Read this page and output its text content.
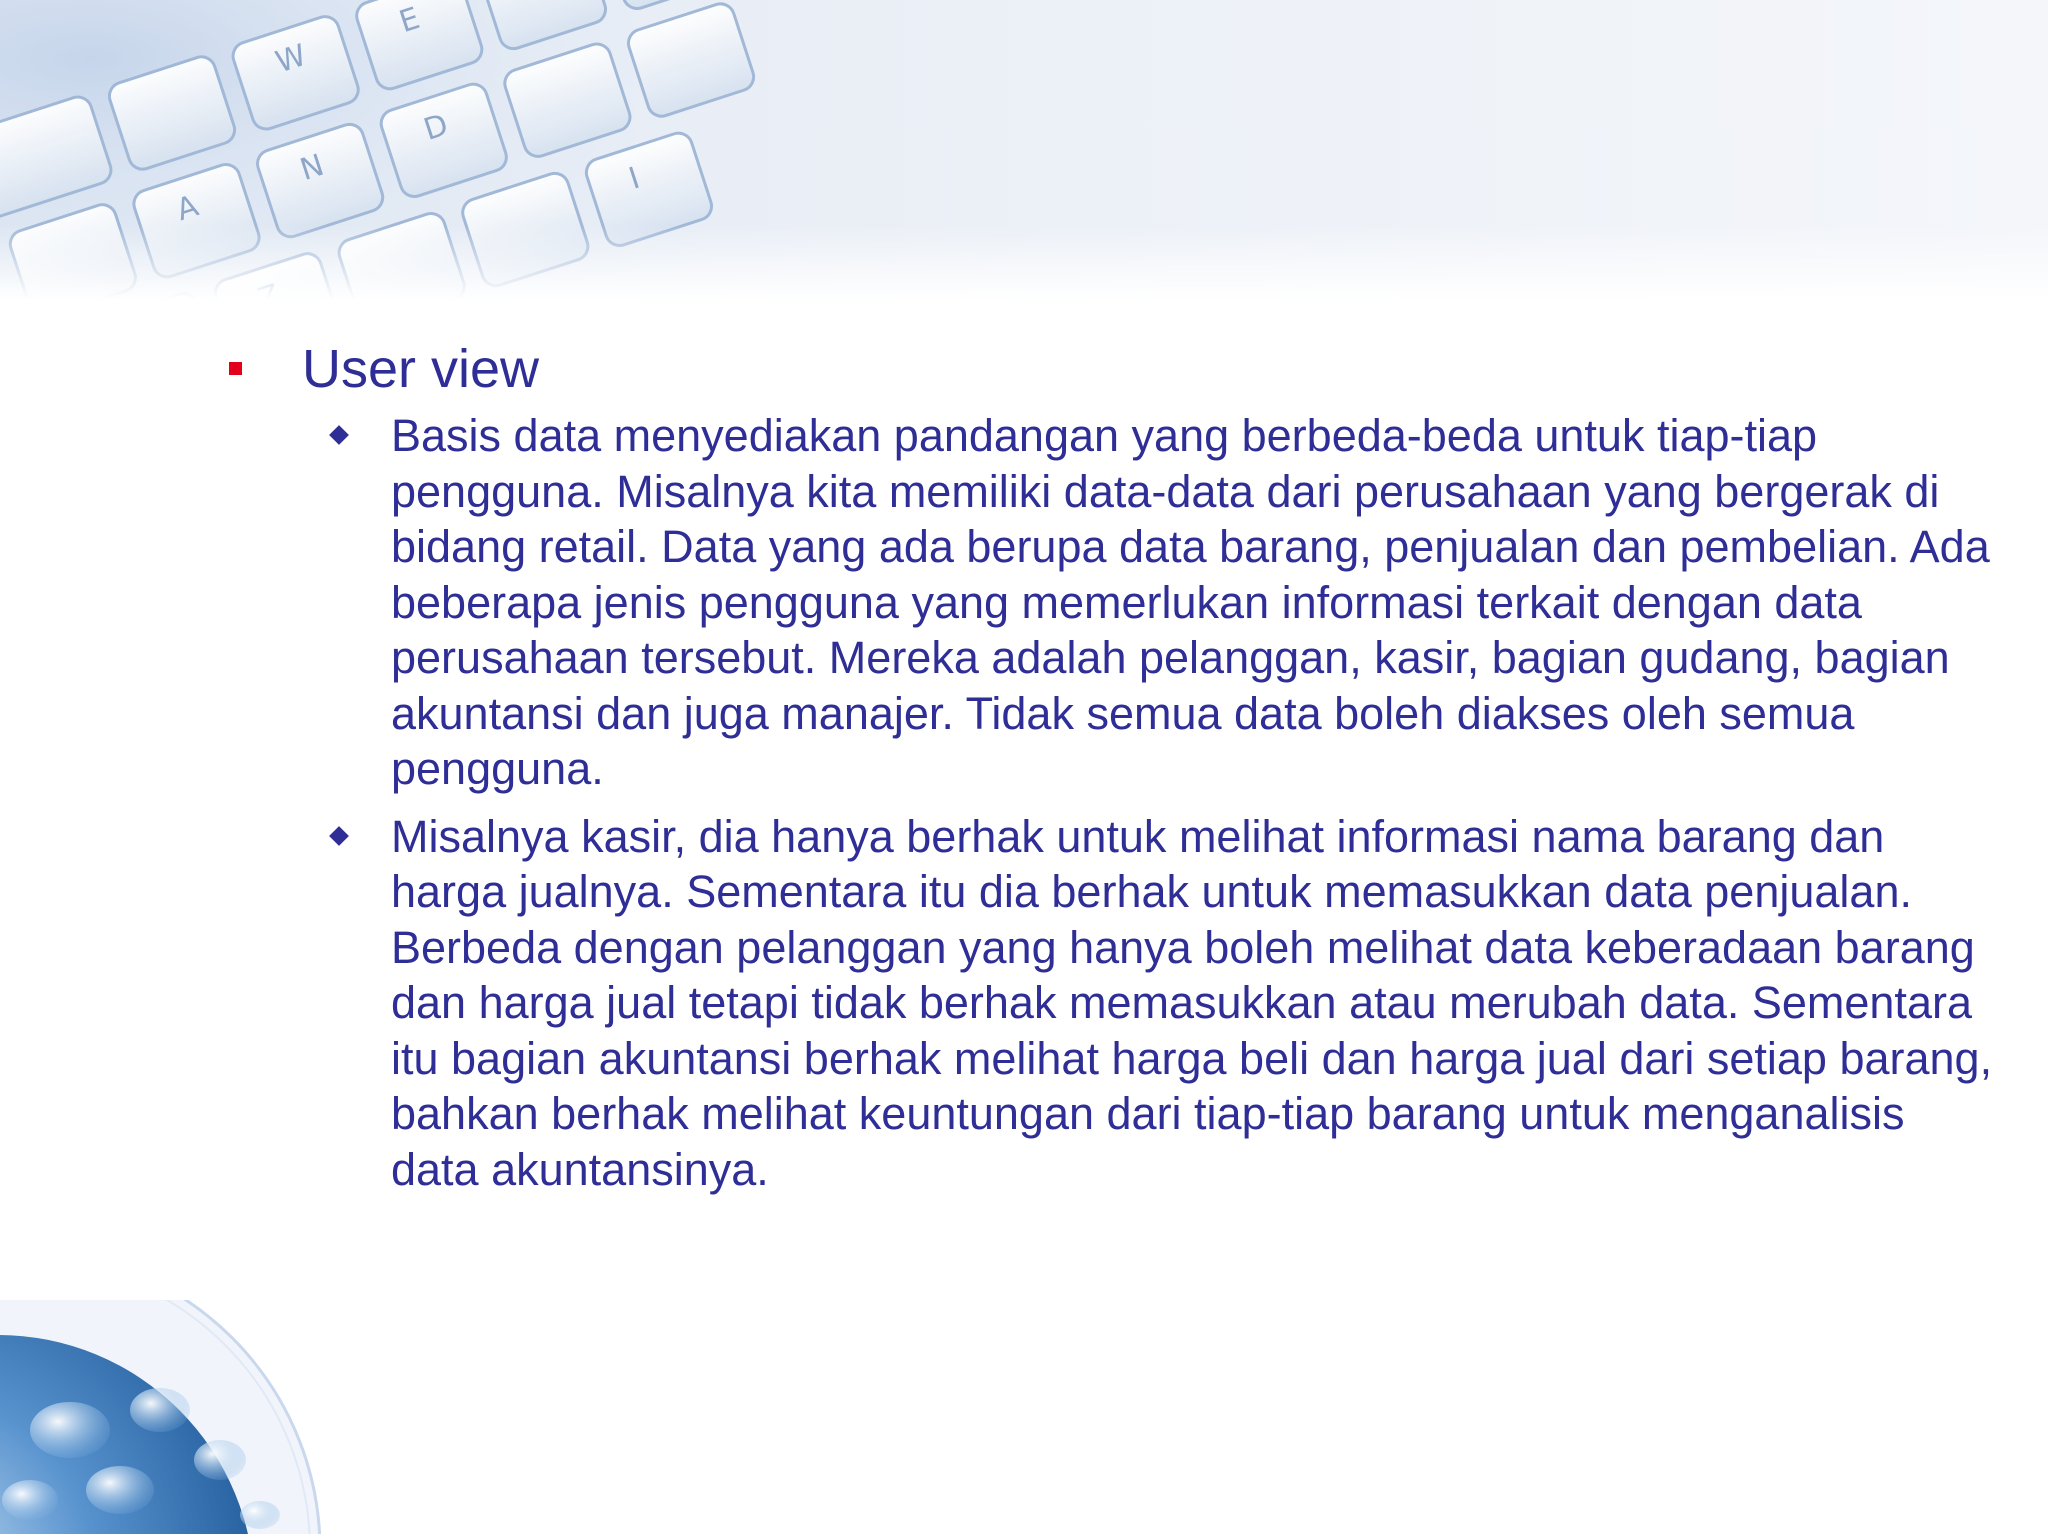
User view
Basis data menyediakan pandangan yang berbeda-beda untuk tiap-tiap pengguna. Misalnya kita memiliki data-data dari perusahaan yang bergerak di bidang retail. Data yang ada berupa data barang, penjualan dan pembelian. Ada beberapa jenis pengguna yang memerlukan informasi terkait dengan data perusahaan tersebut. Mereka adalah pelanggan, kasir, bagian gudang, bagian akuntansi dan juga manajer. Tidak semua data boleh diakses oleh semua pengguna.
Misalnya kasir, dia hanya berhak untuk melihat informasi nama barang dan harga jualnya. Sementara itu dia berhak untuk memasukkan data penjualan. Berbeda dengan pelanggan yang hanya boleh melihat data keberadaan barang dan harga jual tetapi tidak berhak memasukkan atau merubah data. Sementara itu bagian akuntansi berhak melihat harga beli dan harga jual dari setiap barang, bahkan berhak melihat keuntungan dari tiap-tiap barang untuk menganalisis data akuntansinya.
